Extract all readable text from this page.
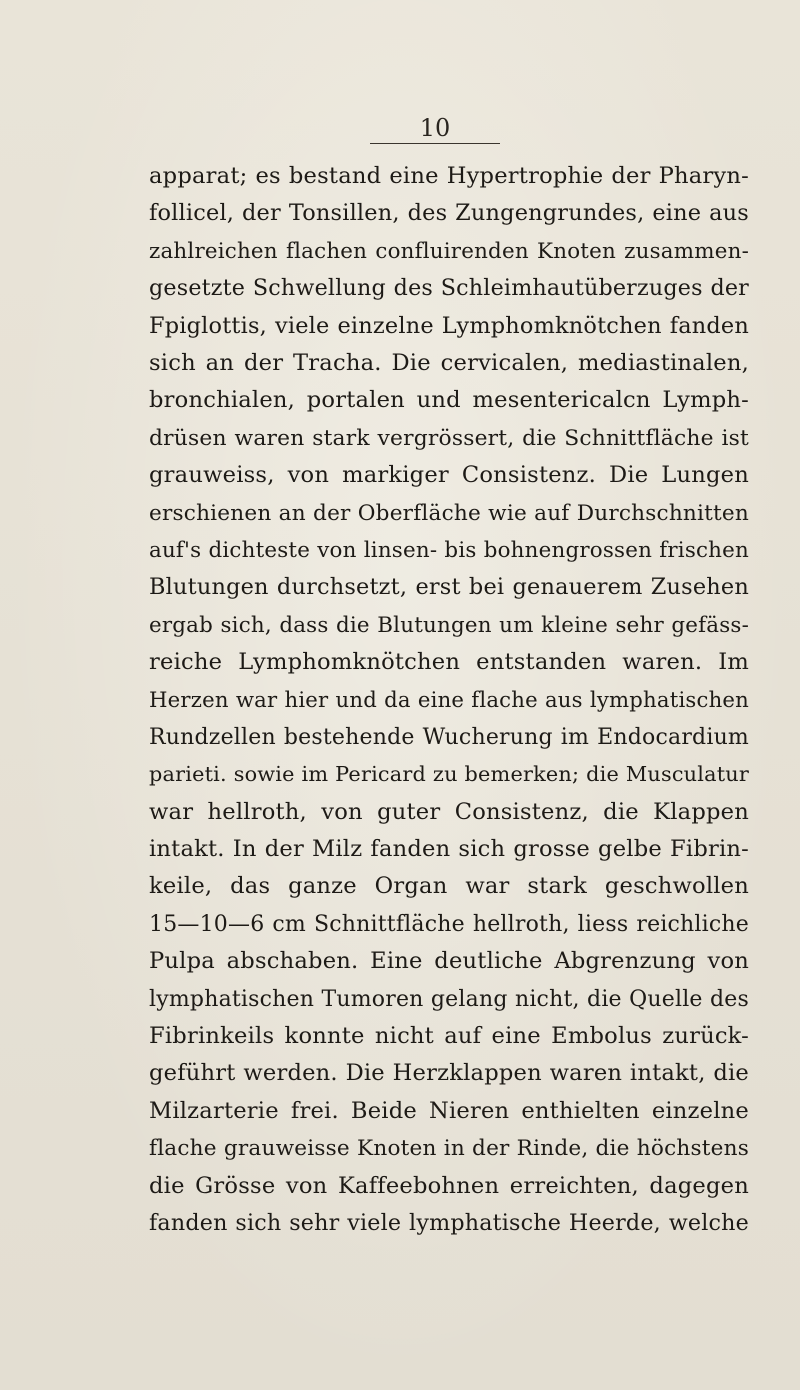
10
apparat; es bestand eine Hypertrophie der Pharyn-
follicel, der Tonsillen, des Zungengrundes, eine aus
zahlreichen flachen confluirenden Knoten zusammen-
gesetzte Schwellung des Schleimhautüberzuges der
Fpiglottis, viele einzelne Lymphomknötchen fanden
sich an der Tracha. Die cervicalen, mediastinalen,
bronchialen, portalen und mesentericalcn Lymph-
drüsen waren stark vergrössert, die Schnittfläche ist
grauweiss, von markiger Consistenz. Die Lungen
erschienen an der Oberfläche wie auf Durchschnitten
auf's dichteste von linsen- bis bohnengrossen frischen
Blutungen durchsetzt, erst bei genauerem Zusehen
ergab sich, dass die Blutungen um kleine sehr gefäss-
reiche Lymphomknötchen entstanden waren. Im
Herzen war hier und da eine flache aus lymphatischen
Rundzellen bestehende Wucherung im Endocardium
parieti. sowie im Pericard zu bemerken; die Musculatur
war hellroth, von guter Consistenz, die Klappen
intakt. In der Milz fanden sich grosse gelbe Fibrin-
keile, das ganze Organ war stark geschwollen
15—10—6 cm Schnittfläche hellroth, liess reichliche
Pulpa abschaben. Eine deutliche Abgrenzung von
lymphatischen Tumoren gelang nicht, die Quelle des
Fibrinkeils konnte nicht auf eine Embolus zurück-
geführt werden. Die Herzklappen waren intakt, die
Milzarterie frei. Beide Nieren enthielten einzelne
flache grauweisse Knoten in der Rinde, die höchstens
die Grösse von Kaffeebohnen erreichten, dagegen
fanden sich sehr viele lymphatische Heerde, welche
